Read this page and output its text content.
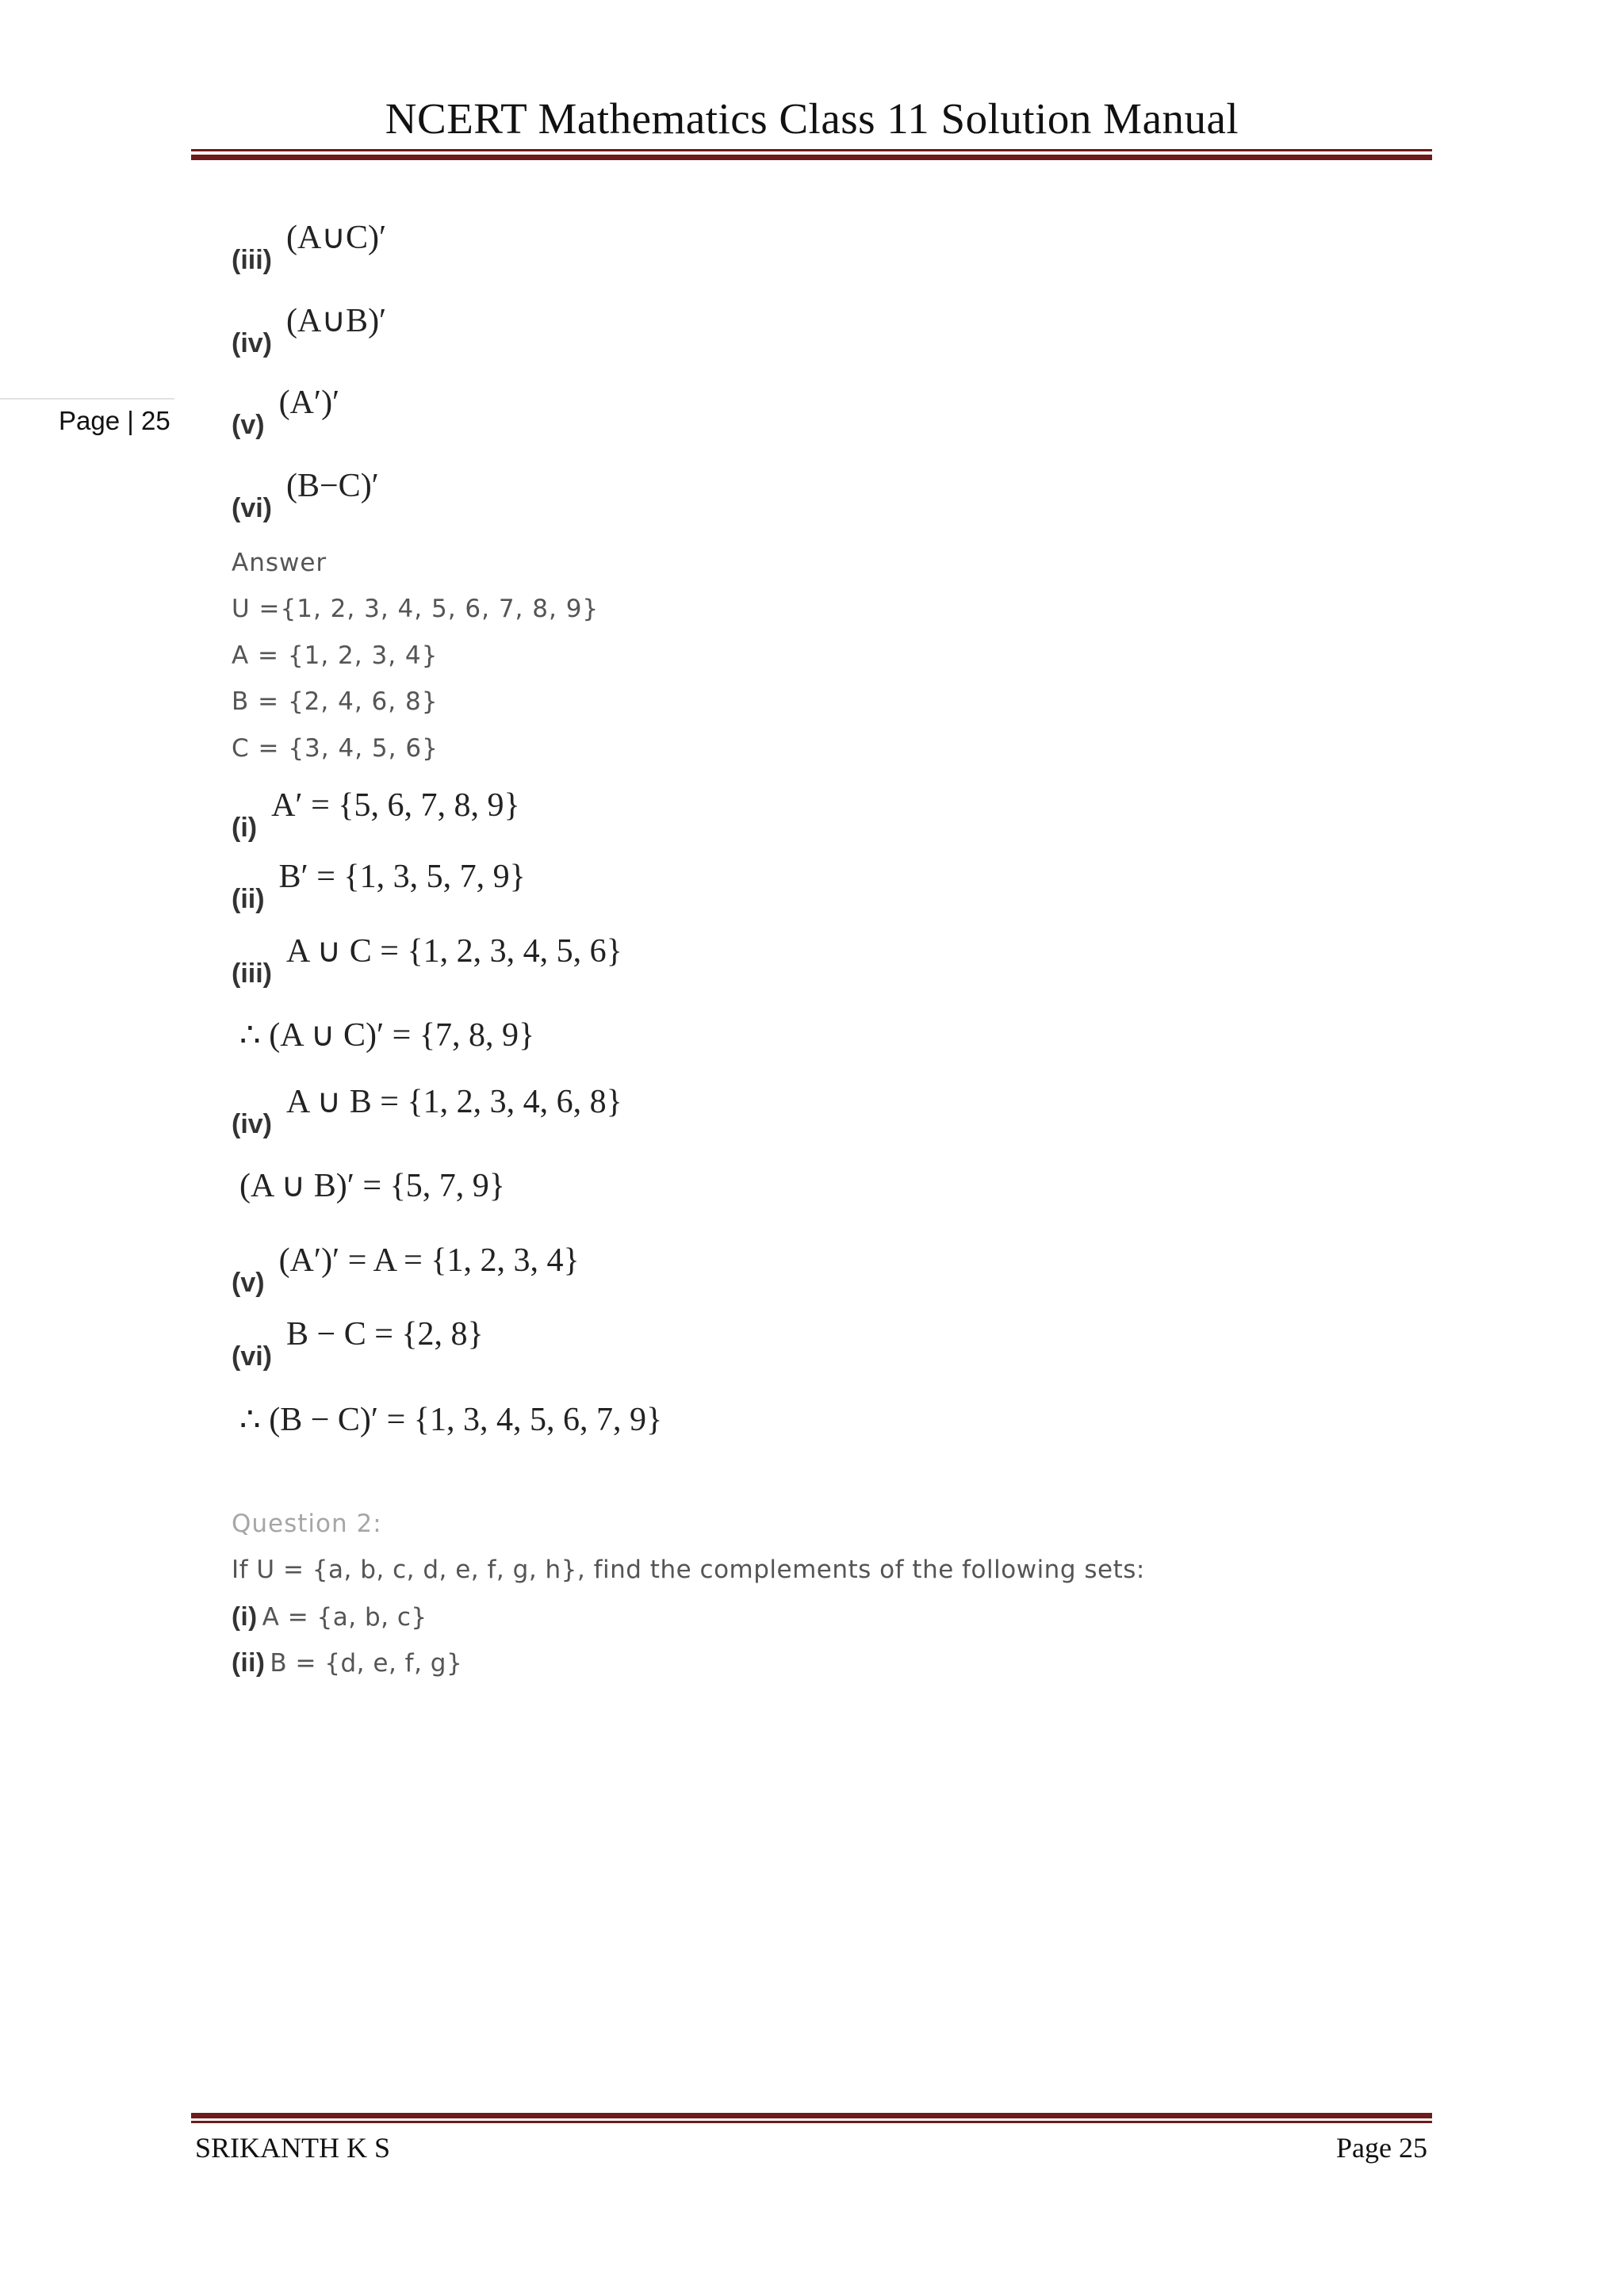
NCERT Mathematics Class 11 Solution Manual
Page | 25
(iii) (A∪C)′
(iv) (A∪B)′
(v) (A′)′
(vi) (B−C)′
Answer
U ={1, 2, 3, 4, 5, 6, 7, 8, 9}
A = {1, 2, 3, 4}
B = {2, 4, 6, 8}
C = {3, 4, 5, 6}
(i) A′ = {5, 6, 7, 8, 9}
(ii) B′ = {1, 3, 5, 7, 9}
(iii) A ∪ C = {1, 2, 3, 4, 5, 6}
∴ (A ∪ C)′ = {7, 8, 9}
(iv) A ∪ B = {1, 2, 3, 4, 6, 8}
(A ∪ B)′ = {5, 7, 9}
(v) (A′)′ = A = {1, 2, 3, 4}
(vi) B − C = {2, 8}
∴ (B − C)′ = {1, 3, 4, 5, 6, 7, 9}
Question 2:
If U = {a, b, c, d, e, f, g, h}, find the complements of the following sets:
(i) A = {a, b, c}
(ii) B = {d, e, f, g}
SRIKANTH K S	Page 25
